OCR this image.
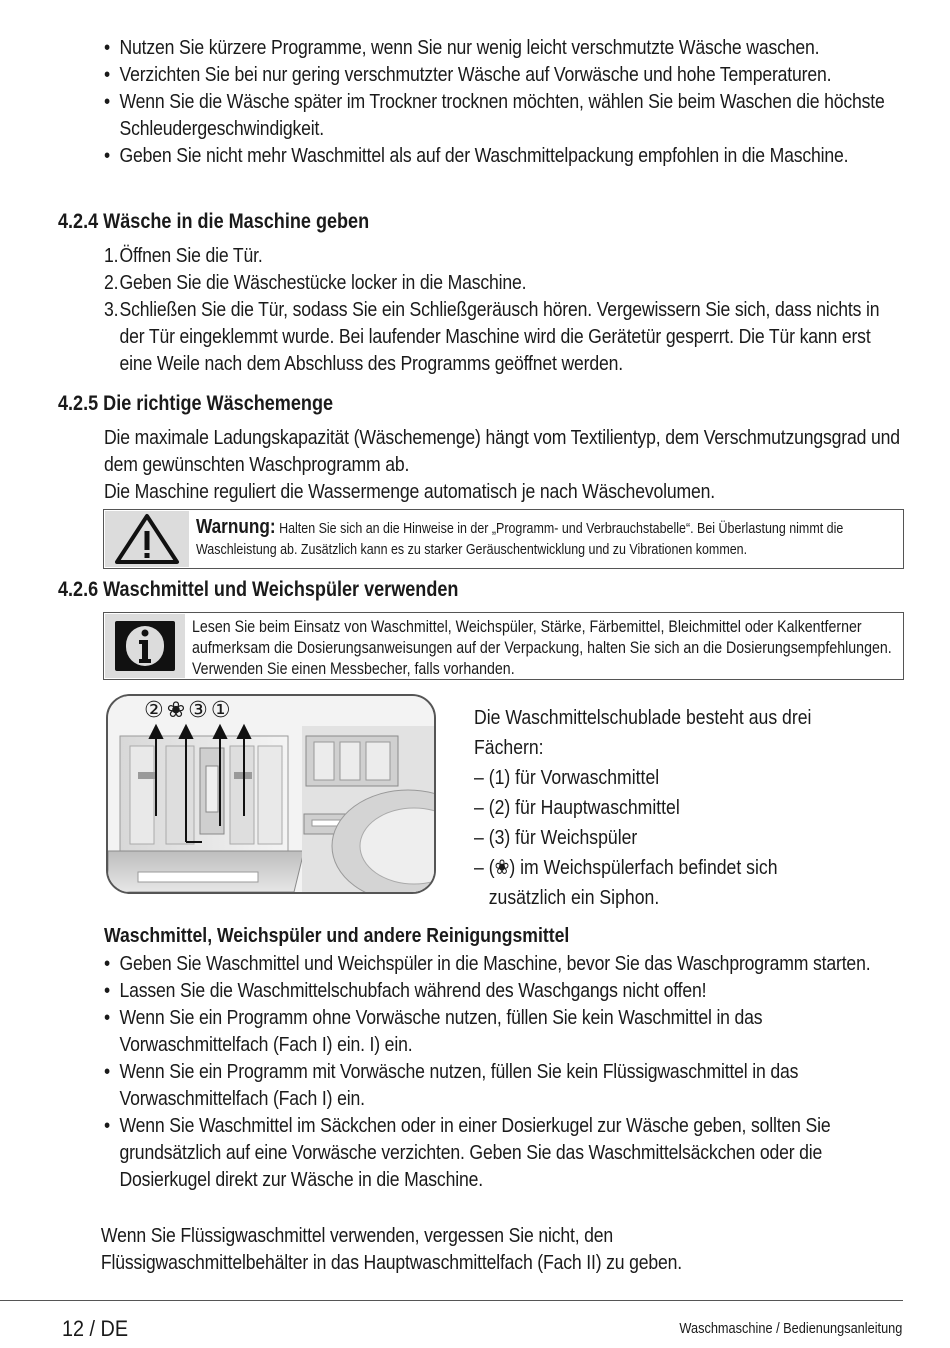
• Nutzen Sie kürzere Programme, wenn Sie nur wenig leicht verschmutzte Wäsche waschen.
• Verzichten Sie bei nur gering verschmutzter Wäsche auf Vorwäsche und hohe Temperaturen.
• Wenn Sie die Wäsche später im Trockner trocknen möchten, wählen Sie beim Waschen die höchste Schleudergeschwindigkeit.
• Geben Sie nicht mehr Waschmittel als auf der Waschmittelpackung empfohlen in die Maschine.
4.2.4 Wäsche in die Maschine geben
1. Öffnen Sie die Tür.
2. Geben Sie die Wäschestücke locker in die Maschine.
3. Schließen Sie die Tür, sodass Sie ein Schließgeräusch hören. Vergewissern Sie sich, dass nichts in der Tür eingeklemmt wurde. Bei laufender Maschine wird die Gerätetür gesperrt. Die Tür kann erst eine Weile nach dem Abschluss des Programms geöffnet werden.
4.2.5 Die richtige Wäschemenge
Die maximale Ladungskapazität (Wäschemenge) hängt vom Textilientyp, dem Verschmutzungsgrad und dem gewünschten Waschprogramm ab.
Die Maschine reguliert die Wassermenge automatisch je nach Wäschevolumen.
Warnung: Halten Sie sich an die Hinweise in der „Programm- und Verbrauchstabelle“. Bei Überlastung nimmt die Waschleistung ab. Zusätzlich kann es zu starker Geräuschentwicklung und zu Vibrationen kommen.
4.2.6 Waschmittel und Weichspüler verwenden
Lesen Sie beim Einsatz von Waschmittel, Weichspüler, Stärke, Färbemittel, Bleichmittel oder Kalkentferner aufmerksam die Dosierungsanweisungen auf der Verpackung, halten Sie sich an die Dosierungsempfehlungen. Verwenden Sie einen Messbecher, falls vorhanden.
②❀③①	Die Waschmittelschublade besteht aus drei
Fächern:
– (1) für Vorwaschmittel
– (2) für Hauptwaschmittel
– (3) für Weichspüler
– (❀) im Weichspülerfach befindet sich
zusätzlich ein Siphon.
Waschmittel, Weichspüler und andere Reinigungsmittel
• Geben Sie Waschmittel und Weichspüler in die Maschine, bevor Sie das Waschprogramm starten.
• Lassen Sie die Waschmittelschubfach während des Waschgangs nicht offen!
• Wenn Sie ein Programm ohne Vorwäsche nutzen, füllen Sie kein Waschmittel in das Vorwaschmittelfach (Fach I) ein. I) ein.
• Wenn Sie ein Programm mit Vorwäsche nutzen, füllen Sie kein Flüssigwaschmittel in das Vorwaschmittelfach (Fach I) ein.
• Wenn Sie Waschmittel im Säckchen oder in einer Dosierkugel zur Wäsche geben, sollten Sie grundsätzlich auf eine Vorwäsche verzichten. Geben Sie das Waschmittelsäckchen oder die Dosierkugel direkt zur Wäsche in die Maschine.
Wenn Sie Flüssigwaschmittel verwenden, vergessen Sie nicht, den Flüssigwaschmittelbehälter in das Hauptwaschmittelfach (Fach II) zu geben.
12 / DE	Waschmaschine / Bedienungsanleitung
